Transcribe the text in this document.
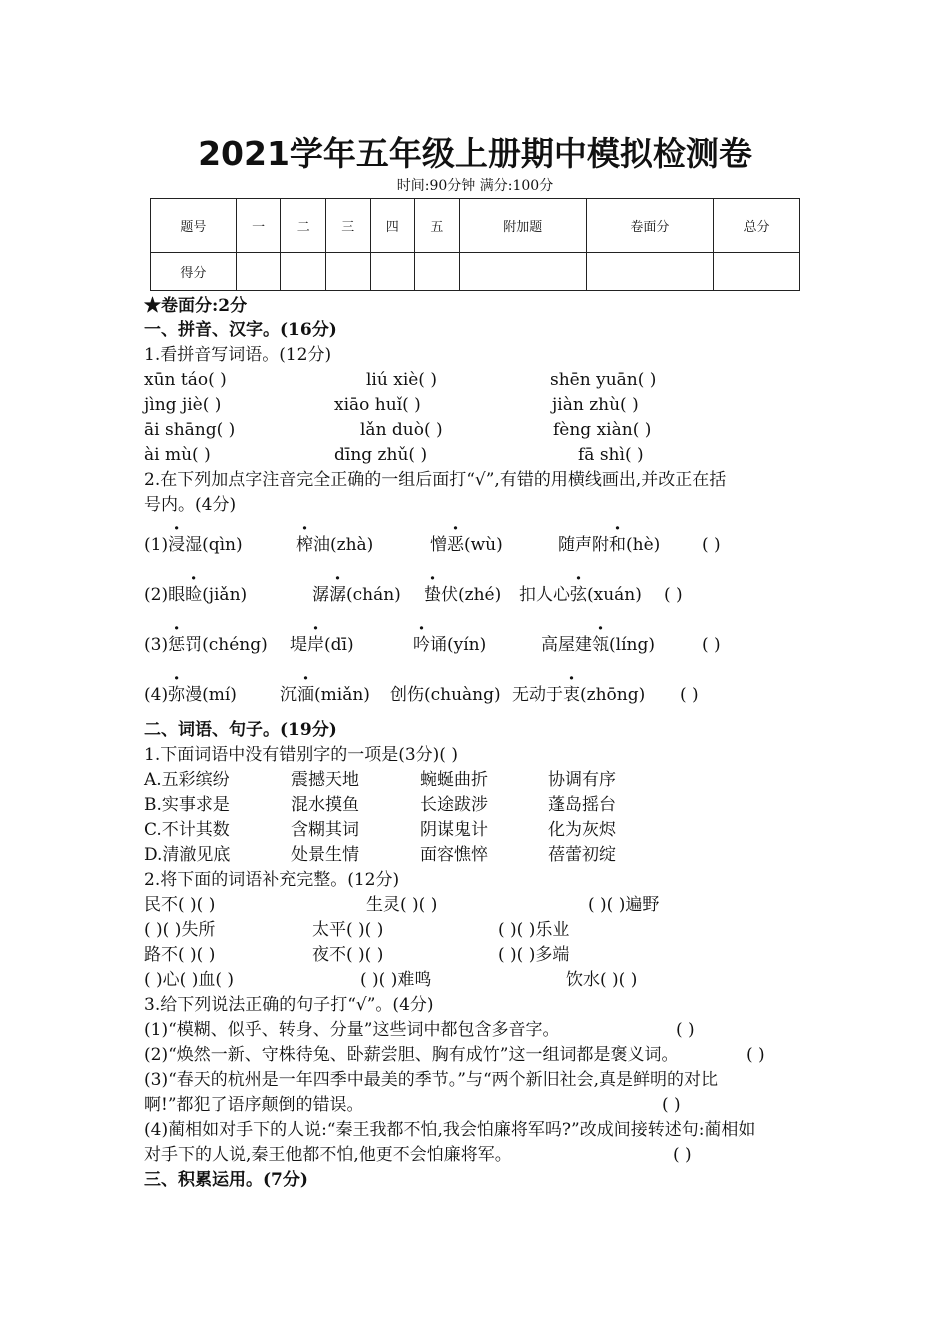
2021学年五年级上册期中模拟检测卷
时间:90分钟 满分:100分
题号	一	二	三	四	五	附加题	卷面分	总分
得分								
★卷面分:2分
一、拼音、汉字。(16分)
1.看拼音写词语。(12分)
xūn táo( )	liú xiè( )	shēn yuān( )
jìng jiè( )	xiāo huǐ( )	jiàn zhù( )
āi shāng( )	lǎn duò( )	fèng xiàn( )
ài mù( )	dīng zhǔ( )	fā shì( )
2.在下列加点字注音完全正确的一组后面打“√”,有错的用横线画出,并改正在括
号内。(4分)
(1)浸湿(qìn)	榨油(zhà)	憎恶(wù)	随声附和(hè) ( )
(2)眼睑(jiǎn)	潺潺(chán) 蛰伏(zhé) 扣人心弦(xuán) ( )
(3)惩罚(chéng) 堤岸(dī)	吟诵(yín)	高屋建瓴(líng)	( )
(4)弥漫(mí)	沉湎(miǎn) 创伤(chuàng) 无动于衷(zhōng) ( )
二、词语、句子。(19分)
1.下面词语中没有错别字的一项是(3分)( )
A.五彩缤纷	震撼天地	蜿蜒曲折	协调有序
B.实事求是	混水摸鱼	长途跋涉	蓬岛摇台
C.不计其数	含糊其词	阴谋鬼计	化为灰烬
D.清澈见底	处景生情	面容憔悴	蓓蕾初绽
2.将下面的词语补充完整。(12分)
民不( )( )	生灵( )( )	( )( )遍野
( )( )失所	太平( )( )	( )( )乐业
路不( )( )	夜不( )( )	( )( )多端
( )心( )血( )	( )( )难鸣	饮水( )( )
3.给下列说法正确的句子打“√”。(4分)
(1)“模糊、似乎、转身、分量”这些词中都包含多音字。	( )
(2)“焕然一新、守株待兔、卧薪尝胆、胸有成竹”这一组词都是褒义词。	( )
(3)“春天的杭州是一年四季中最美的季节。”与“两个新旧社会,真是鲜明的对比
啊!”都犯了语序颠倒的错误。	( )
(4)蔺相如对手下的人说:“秦王我都不怕,我会怕廉将军吗?”改成间接转述句:蔺相如
对手下的人说,秦王他都不怕,他更不会怕廉将军。	( )
三、积累运用。(7分)
